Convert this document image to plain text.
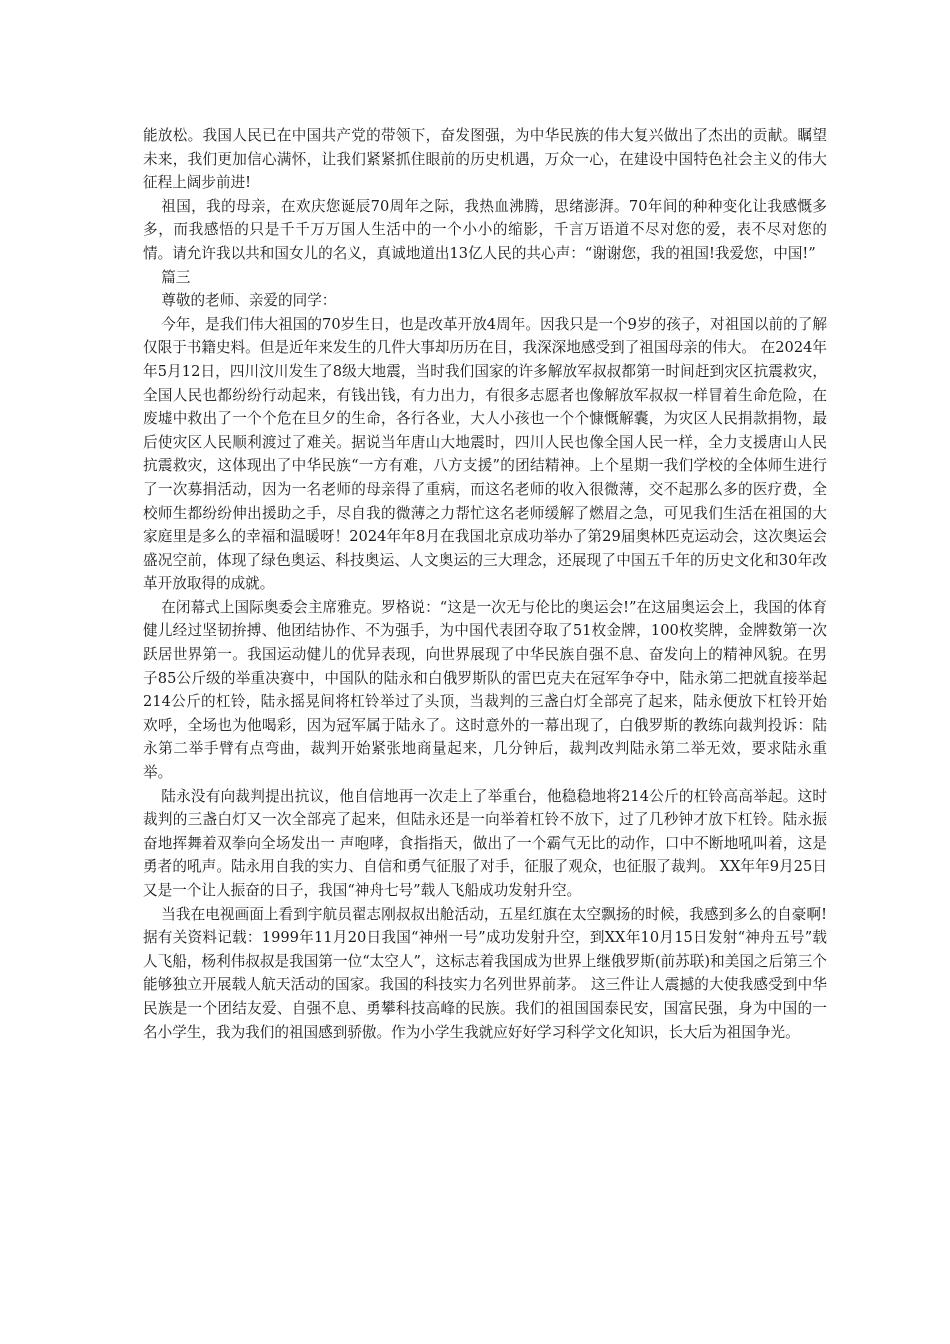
能放松。我国人民已在中国共产党的带领下，奋发图强，为中华民族的伟大复兴做出了杰出的贡献。瞩望未来，我们更加信心满怀，让我们紧紧抓住眼前的历史机遇，万众一心，在建设中国特色社会主义的伟大征程上阔步前进!

祖国，我的母亲，在欢庆您诞辰70周年之际，我热血沸腾，思绪澎湃。70年间的种种变化让我感慨多多，而我感悟的只是千千万万国人生活中的一个小小的缩影，千言万语道不尽对您的爱，表不尽对您的情。请允许我以共和国女儿的名义，真诚地道出13亿人民的共心声：“谢谢您，我的祖国!我爱您，中国!”

篇三

尊敬的老师、亲爱的同学：

今年，是我们伟大祖国的70岁生日，也是改革开放4周年。因我只是一个9岁的孩子，对祖国以前的了解仅限于书籍史料。但是近年来发生的几件大事却历历在目，我深深地感受到了祖国母亲的伟大。 在2024年年5月12日，四川汶川发生了8级大地震，当时我们国家的许多解放军叔叔都第一时间赶到灾区抗震救灾，全国人民也都纷纷行动起来，有钱出钱，有力出力，有很多志愿者也像解放军叔叔一样冒着生命危险，在废墟中救出了一个个危在旦夕的生命，各行各业，大人小孩也一个个慷慨解囊，为灾区人民捐款捐物，最后使灾区人民顺利渡过了难关。据说当年唐山大地震时，四川人民也像全国人民一样，全力支援唐山人民抗震救灾，这体现出了中华民族“一方有难，八方支援”的团结精神。上个星期一我们学校的全体师生进行了一次募捐活动，因为一名老师的母亲得了重病，而这名老师的收入很微薄，交不起那么多的医疗费，全校师生都纷纷伸出援助之手，尽自我的微薄之力帮忙这名老师缓解了燃眉之急，可见我们生活在祖国的大家庭里是多么的幸福和温暖呀！2024年年8月在我国北京成功举办了第29届奥林匹克运动会，这次奥运会盛况空前，体现了绿色奥运、科技奥运、人文奥运的三大理念，还展现了中国五千年的历史文化和30年改革开放取得的成就。

在闭幕式上国际奥委会主席雅克。罗格说：“这是一次无与伦比的奥运会!”在这届奥运会上，我国的体育健儿经过坚韧拚搏、他团结协作、不为强手，为中国代表团夺取了51枚金牌，100枚奖牌，金牌数第一次跃居世界第一。我国运动健儿的优异表现，向世界展现了中华民族自强不息、奋发向上的精神风貌。在男子85公斤级的举重决赛中，中国队的陆永和白俄罗斯队的雷巴克夫在冠军争夺中，陆永第二把就直接举起214公斤的杠铃，陆永摇晃间将杠铃举过了头顶，当裁判的三盏白灯全部亮了起来，陆永便放下杠铃开始欢呼，全场也为他喝彩，因为冠军属于陆永了。这时意外的一幕出现了，白俄罗斯的教练向裁判投诉：陆永第二举手臂有点弯曲，裁判开始紧张地商量起来，几分钟后，裁判改判陆永第二举无效，要求陆永重举。

陆永没有向裁判提出抗议，他自信地再一次走上了举重台，他稳稳地将214公斤的杠铃高高举起。这时裁判的三盏白灯又一次全部亮了起来，但陆永还是一向举着杠铃不放下，过了几秒钟才放下杠铃。陆永振奋地挥舞着双拳向全场发出一 声咆哮，食指指天，做出了一个霸气无比的动作，口中不断地吼叫着，这是勇者的吼声。陆永用自我的实力、自信和勇气征服了对手，征服了观众，也征服了裁判。 XX年年9月25日又是一个让人振奋的日子，我国“神舟七号”载人飞船成功发射升空。

当我在电视画面上看到宇航员翟志刚叔叔出舱活动，五星红旗在太空飘扬的时候，我感到多么的自豪啊!据有关资料记载：1999年11月20日我国“神州一号”成功发射升空，到XX年10月15日发射“神舟五号”载人飞船，杨利伟叔叔是我国第一位“太空人”，这标志着我国成为世界上继俄罗斯(前苏联)和美国之后第三个能够独立开展载人航天活动的国家。我国的科技实力名列世界前茅。 这三件让人震撼的大使我感受到中华民族是一个团结友爱、自强不息、勇攀科技高峰的民族。我们的祖国国泰民安，国富民强，身为中国的一名小学生，我为我们的祖国感到骄傲。作为小学生我就应好好学习科学文化知识，长大后为祖国争光。
